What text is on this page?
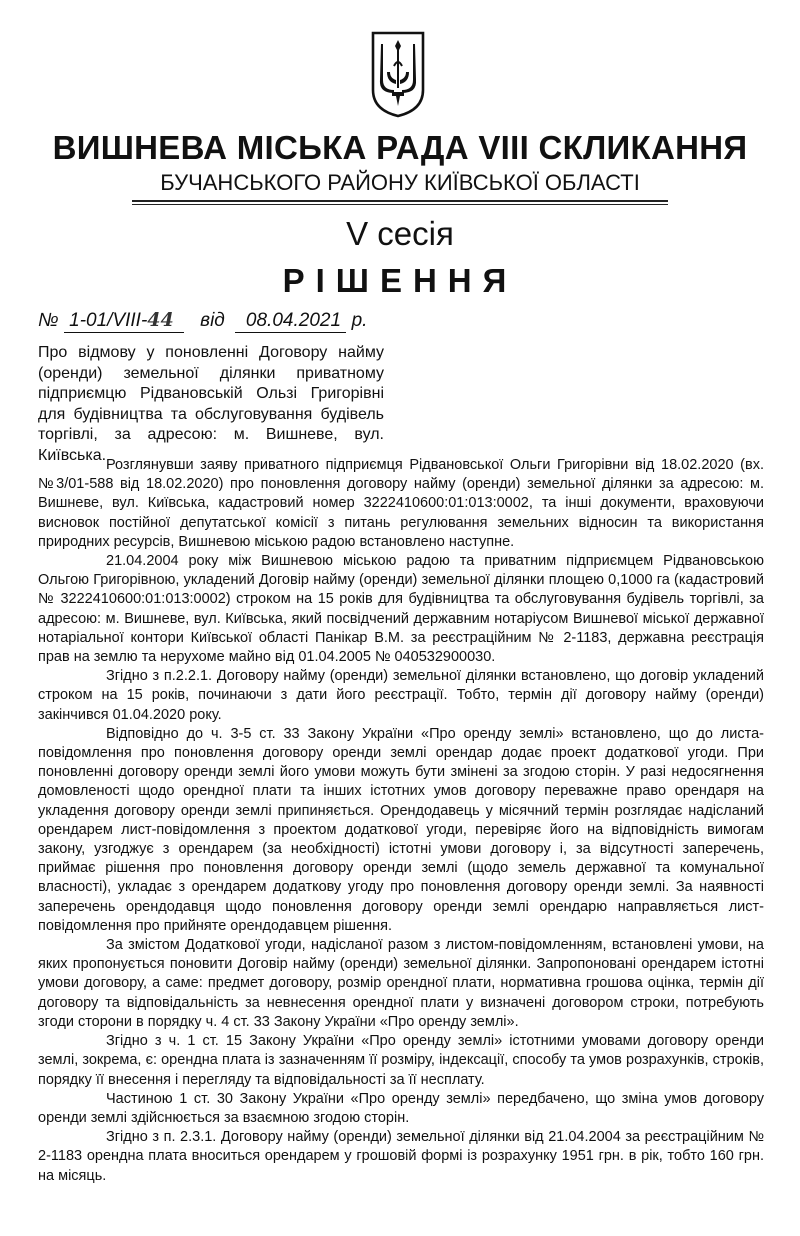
ВИШНЕВА МІСЬКА РАДА VIII СКЛИКАННЯ
БУЧАНСЬКОГО РАЙОНУ КИЇВСЬКОЇ ОБЛАСТІ
V сесія
РІШЕННЯ
№ 1-01/VIII-44 від 08.04.2021 р.
Про відмову у поновленні Договору найму (оренди) земельної ділянки приватному підприємцю Рідвановській Ользі Григорівні для будівництва та обслуговування будівель торгівлі, за адресою: м. Вишневе, вул. Київська.

Розглянувши заяву приватного підприємця Рідвановської Ольги Григорівни від 18.02.2020 (вх.№3/01-588 від 18.02.2020) про поновлення договору найму (оренди) земельної ділянки за адресою: м. Вишневе, вул. Київська, кадастровий номер 3222410600:01:013:0002, та інші документи, враховуючи висновок постійної депутатської комісії з питань регулювання земельних відносин та використання природних ресурсів, Вишневою міською радою встановлено наступне.

21.04.2004 року між Вишневою міською радою та приватним підприємцем Рідвановською Ольгою Григорівною, укладений Договір найму (оренди) земельної ділянки площею 0,1000 га (кадастровий № 3222410600:01:013:0002) строком на 15 років для будівництва та обслуговування будівель торгівлі, за адресою: м. Вишневе, вул. Київська, який посвідчений державним нотаріусом Вишневої міської державної нотаріальної контори Київської області Панікар В.М. за реєстраційним № 2-1183, державна реєстрація прав на землю та нерухоме майно від 01.04.2005 № 040532900030.

Згідно з п.2.2.1. Договору найму (оренди) земельної ділянки встановлено, що договір укладений строком на 15 років, починаючи з дати його реєстрації. Тобто, термін дії договору найму (оренди) закінчився 01.04.2020 року.

Відповідно до ч. 3-5 ст. 33 Закону України «Про оренду землі» встановлено, що до листа-повідомлення про поновлення договору оренди землі орендар додає проект додаткової угоди. При поновленні договору оренди землі його умови можуть бути змінені за згодою сторін. У разі недосягнення домовленості щодо орендної плати та інших істотних умов договору переважне право орендаря на укладення договору оренди землі припиняється. Орендодавець у місячний термін розглядає надісланий орендарем лист-повідомлення з проектом додаткової угоди, перевіряє його на відповідність вимогам закону, узгоджує з орендарем (за необхідності) істотні умови договору і, за відсутності заперечень, приймає рішення про поновлення договору оренди землі (щодо земель державної та комунальної власності), укладає з орендарем додаткову угоду про поновлення договору оренди землі. За наявності заперечень орендодавця щодо поновлення договору оренди землі орендарю направляється лист-повідомлення про прийняте орендодавцем рішення.

За змістом Додаткової угоди, надісланої разом з листом-повідомленням, встановлені умови, на яких пропонується поновити Договір найму (оренди) земельної ділянки. Запропоновані орендарем істотні умови договору, а саме: предмет договору, розмір орендної плати, нормативна грошова оцінка, термін дії договору та відповідальність за невнесення орендної плати у визначені договором строки, потребують згоди сторони в порядку ч. 4 ст. 33 Закону України «Про оренду землі».

Згідно з ч. 1 ст. 15 Закону України «Про оренду землі» істотними умовами договору оренди землі, зокрема, є: орендна плата із зазначенням її розміру, індексації, способу та умов розрахунків, строків, порядку її внесення і перегляду та відповідальності за її несплату.

Частиною 1 ст. 30 Закону України «Про оренду землі» передбачено, що зміна умов договору оренди землі здійснюється за взаємною згодою сторін.

Згідно з п. 2.3.1. Договору найму (оренди) земельної ділянки від 21.04.2004 за реєстраційним № 2-1183 орендна плата вноситься орендарем у грошовій формі із розрахунку 1951 грн. в рік, тобто 160 грн. на місяць.
